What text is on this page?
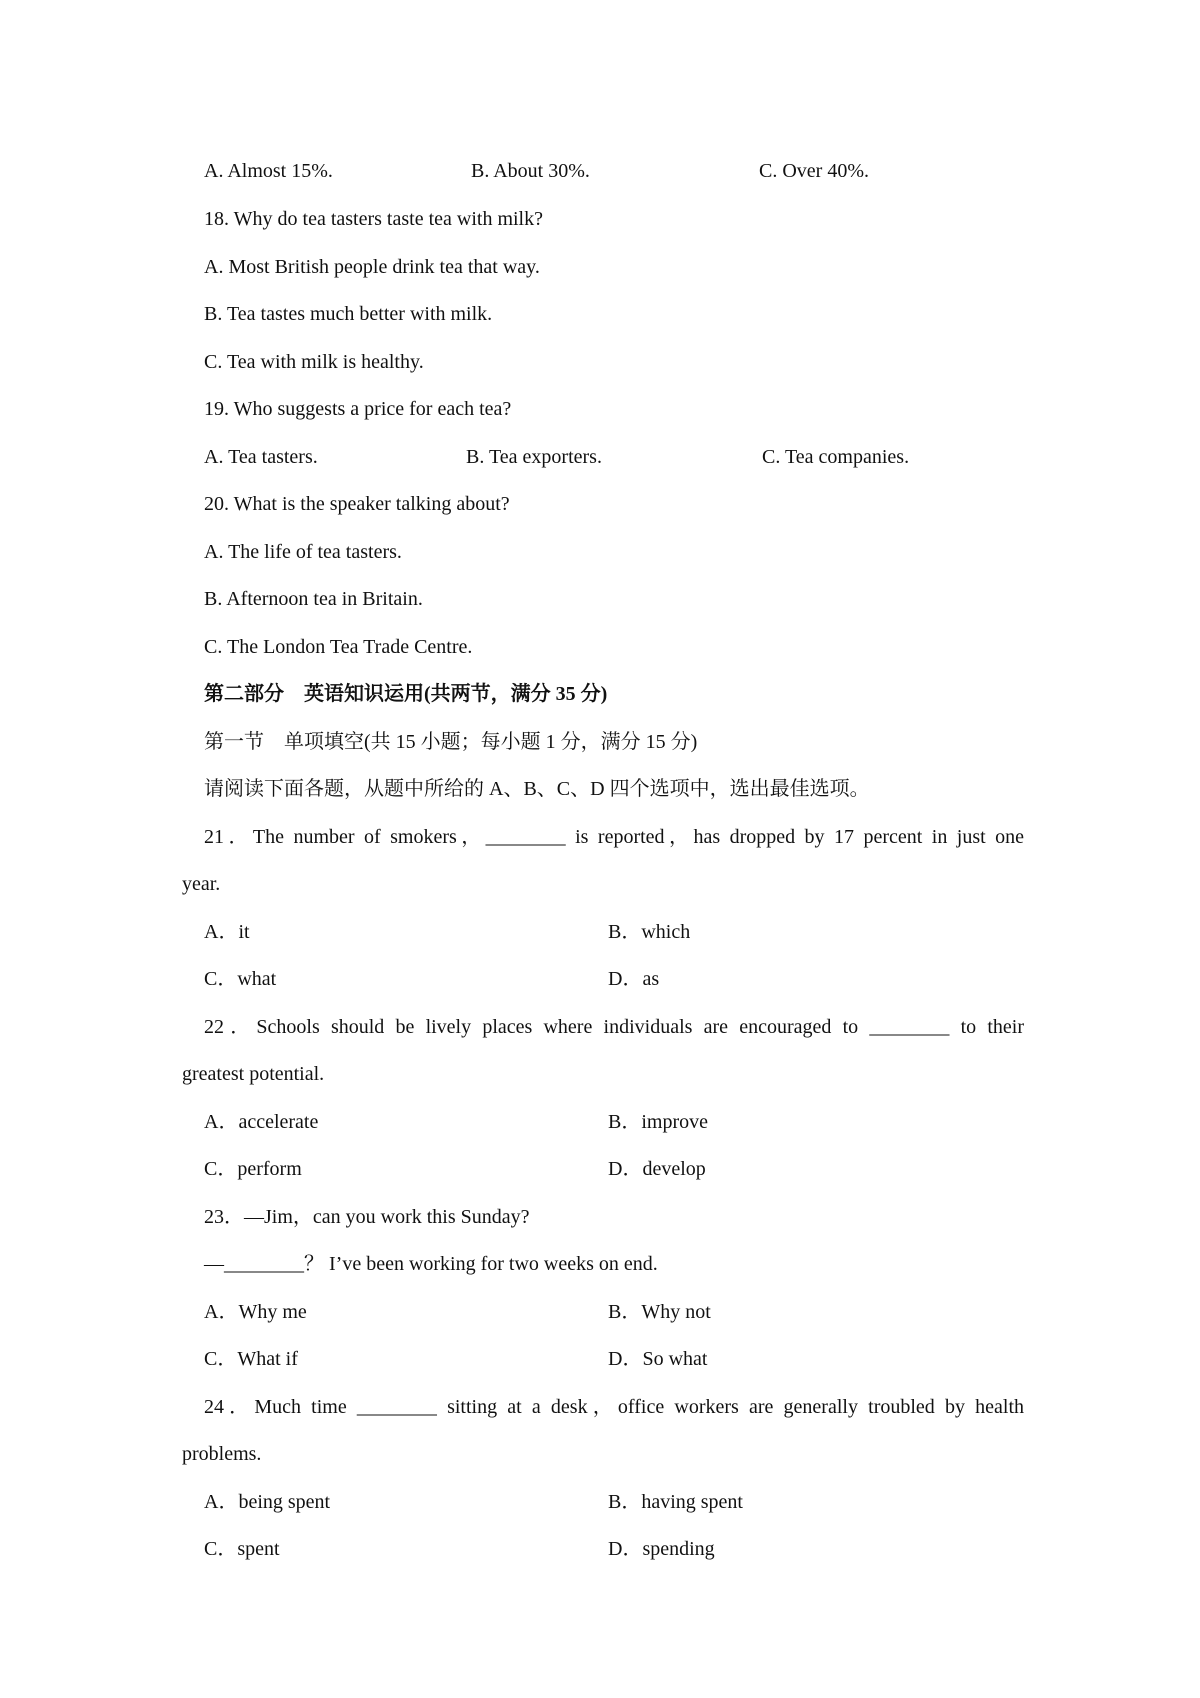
A. Almost 15%.	B. About 30%.	C. Over 40%.
18. Why do tea tasters taste tea with milk?
A. Most British people drink tea that way.
B. Tea tastes much better with milk.
C. Tea with milk is healthy.
19. Who suggests a price for each tea?
A. Tea tasters.	B. Tea exporters.	C. Tea companies.
20. What is the speaker talking about?
A. The life of tea tasters.
B. Afternoon tea in Britain.
C. The London Tea Trade Centre.
第二部分　英语知识运用(共两节，满分 35 分)
第一节　单项填空(共 15 小题；每小题 1 分，满分 15 分)
请阅读下面各题，从题中所给的 A、B、C、D 四个选项中，选出最佳选项。
21．The number of smokers，________ is reported，has dropped by 17 percent in just one
year.
A．it	B．which
C．what	D．as
22．Schools should be lively places where individuals are encouraged to ________ to their
greatest potential.
A．accelerate	B．improve
C．perform	D．develop
23．—Jim，can you work this Sunday?
—________？ I’ve been working for two weeks on end.
A．Why me	B．Why not
C．What if	D．So what
24．Much time ________ sitting at a desk，office workers are generally troubled by health
problems.
A．being spent	B．having spent
C．spent	D．spending
